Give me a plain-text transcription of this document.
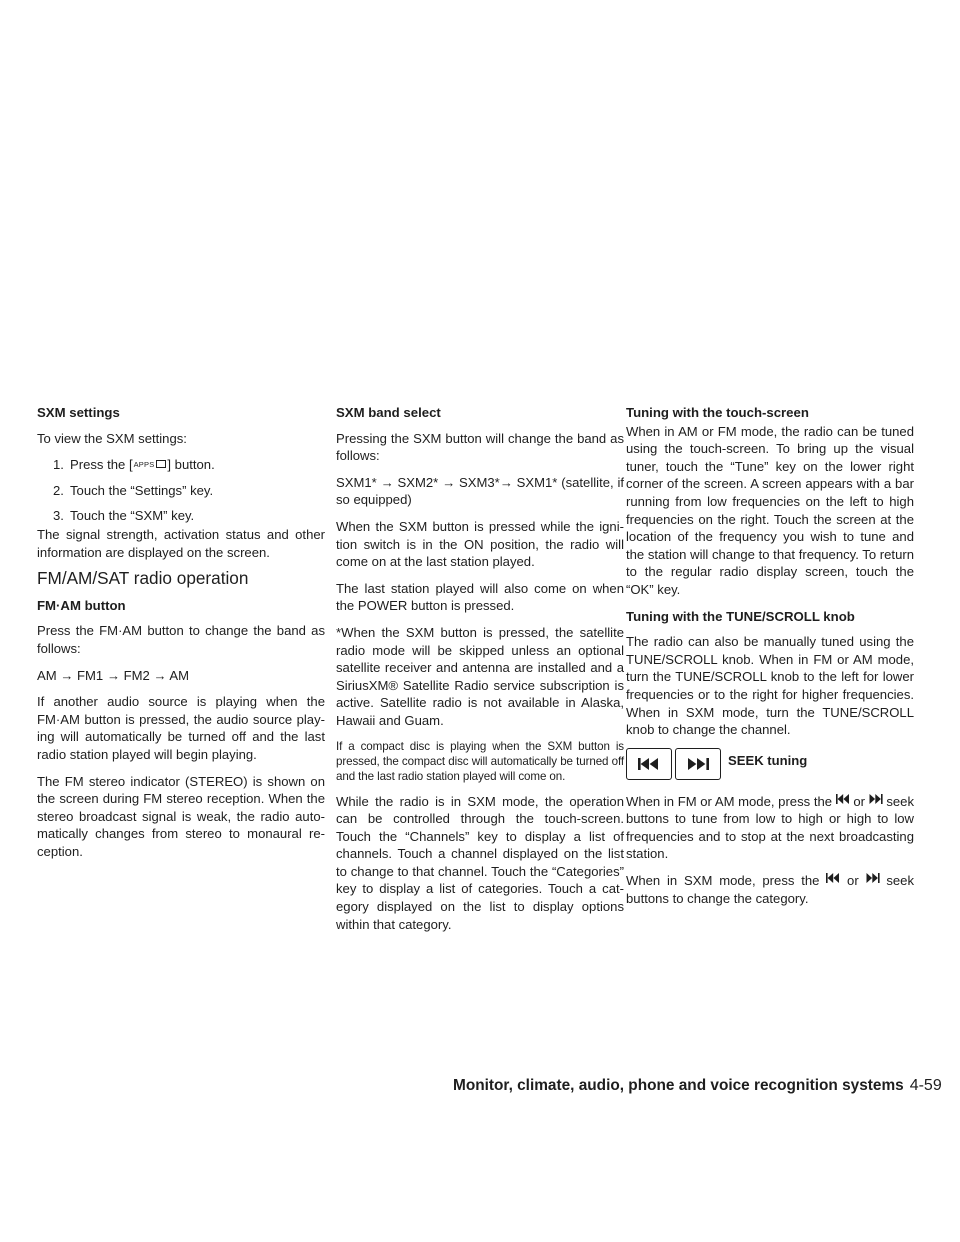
SXM settings

To view the SXM settings:

1. Press the [APPS ] button.
2. Touch the “Settings” key.
3. Touch the “SXM” key.

The signal strength, activation status and other information are displayed on the screen.

FM/AM/SAT radio operation
FM·AM button

Press the FM·AM button to change the band as follows:

AM → FM1 → FM2 → AM

If another audio source is playing when the FM·AM button is pressed, the audio source play- ing will automatically be turned off and the last radio station played will begin playing.

The FM stereo indicator (STEREO) is shown on the screen during FM stereo reception. When the stereo broadcast signal is weak, the radio auto- matically changes from stereo to monaural re- ception.

SXM band select

Pressing the SXM button will change the band as follows:

SXM1* → SXM2* → SXM3*→ SXM1* (satellite, if so equipped)

When the SXM button is pressed while the igni- tion switch is in the ON position, the radio will come on at the last station played.

The last station played will also come on when the POWER button is pressed.

*When the SXM button is pressed, the satellite radio mode will be skipped unless an optional satellite receiver and antenna are installed and a SiriusXM® Satellite Radio service subscription is active. Satellite radio is not available in Alaska, Hawaii and Guam.

If a compact disc is playing when the SXM button is pressed, the compact disc will automatically be turned off and the last radio station played will come on.

While the radio is in SXM mode, the operation can be controlled through the touch-screen. Touch the “Channels” key to display a list of channels. Touch a channel displayed on the list to change to that channel. Touch the “Categories” key to display a list of categories. Touch a cat- egory displayed on the list to display options within that category.

Tuning with the touch-screen

When in AM or FM mode, the radio can be tuned using the touch-screen. To bring up the visual tuner, touch the “Tune” key on the lower right corner of the screen. A screen appears with a bar running from low frequencies on the left to high frequencies on the right. Touch the screen at the location of the frequency you wish to tune and the station will change to that frequency. To return to the regular radio display screen, touch the “OK” key.

Tuning with the TUNE/SCROLL knob

The radio can also be manually tuned using the TUNE/SCROLL knob. When in FM or AM mode, turn the TUNE/SCROLL knob to the left for lower frequencies or to the right for higher frequencies. When in SXM mode, turn the TUNE/SCROLL knob to change the channel.

SEEK tuning

When in FM or AM mode, press the or seek buttons to tune from low to high or high to low frequencies and to stop at the next broadcasting station.

When in SXM mode, press the or seek buttons to change the category.

Monitor, climate, audio, phone and voice recognition systems 4-59
